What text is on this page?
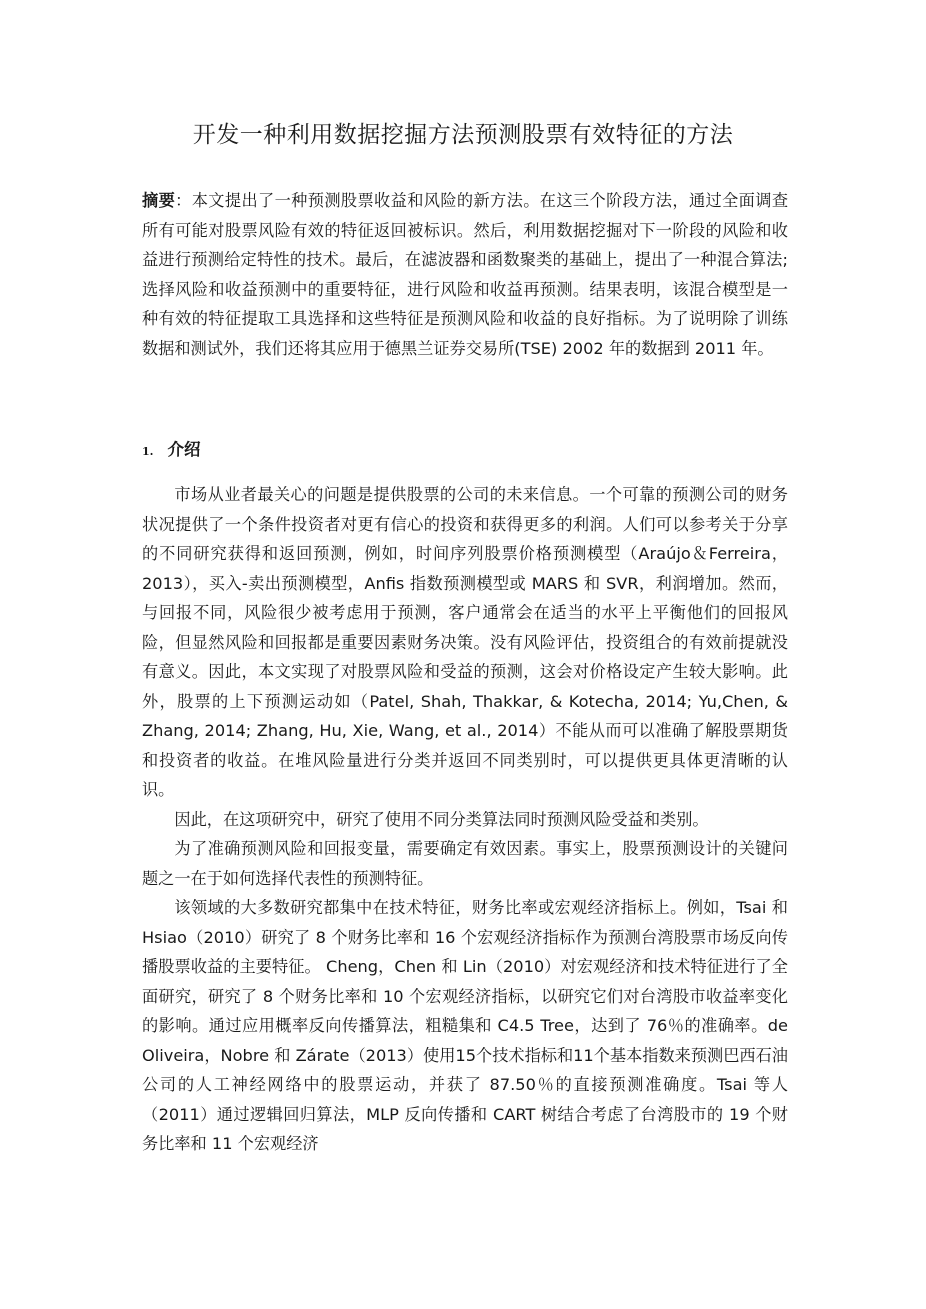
开发一种利用数据挖掘方法预测股票有效特征的方法
摘要：本文提出了一种预测股票收益和风险的新方法。在这三个阶段方法，通过全面调查所有可能对股票风险有效的特征返回被标识。然后，利用数据挖掘对下一阶段的风险和收益进行预测给定特性的技术。最后，在滤波器和函数聚类的基础上，提出了一种混合算法; 选择风险和收益预测中的重要特征，进行风险和收益再预测。结果表明，该混合模型是一种有效的特征提取工具选择和这些特征是预测风险和收益的良好指标。为了说明除了训练数据和测试外，我们还将其应用于德黑兰证券交易所(TSE) 2002 年的数据到 2011 年。
1. 介绍

市场从业者最关心的问题是提供股票的公司的未来信息。一个可靠的预测公司的财务状况提供了一个条件投资者对更有信心的投资和获得更多的利润。人们可以参考关于分享的不同研究获得和返回预测，例如，时间序列股票价格预测模型（Araújo＆Ferreira，2013），买入-卖出预测模型，Anfis 指数预测模型或 MARS 和 SVR，利润增加。然而，与回报不同，风险很少被考虑用于预测，客户通常会在适当的水平上平衡他们的回报风险，但显然风险和回报都是重要因素财务决策。没有风险评估，投资组合的有效前提就没有意义。因此，本文实现了对股票风险和受益的预测，这会对价格设定产生较大影响。此外，股票的上下预测运动如（Patel, Shah, Thakkar, & Kotecha, 2014; Yu,Chen, & Zhang, 2014; Zhang, Hu, Xie, Wang, et al., 2014）不能从而可以准确了解股票期货和投资者的收益。在堆风险量进行分类并返回不同类别时，可以提供更具体更清晰的认识。

因此，在这项研究中，研究了使用不同分类算法同时预测风险受益和类别。

为了准确预测风险和回报变量，需要确定有效因素。事实上，股票预测设计的关键问题之一在于如何选择代表性的预测特征。

该领域的大多数研究都集中在技术特征，财务比率或宏观经济指标上。例如，Tsai 和 Hsiao（2010）研究了 8 个财务比率和 16 个宏观经济指标作为预测台湾股票市场反向传播股票收益的主要特征。 Cheng，Chen 和 Lin（2010）对宏观经济和技术特征进行了全面研究，研究了 8 个财务比率和 10 个宏观经济指标，以研究它们对台湾股市收益率变化的影响。通过应用概率反向传播算法，粗糙集和 C4.5 Tree，达到了 76％的准确率。de Oliveira，Nobre 和 Zárate（2013）使用15个技术指标和11个基本指数来预测巴西石油公司的人工神经网络中的股票运动，并获了 87.50％的直接预测准确度。Tsai 等人（2011）通过逻辑回归算法，MLP 反向传播和 CART 树结合考虑了台湾股市的 19 个财务比率和 11 个宏观经济
